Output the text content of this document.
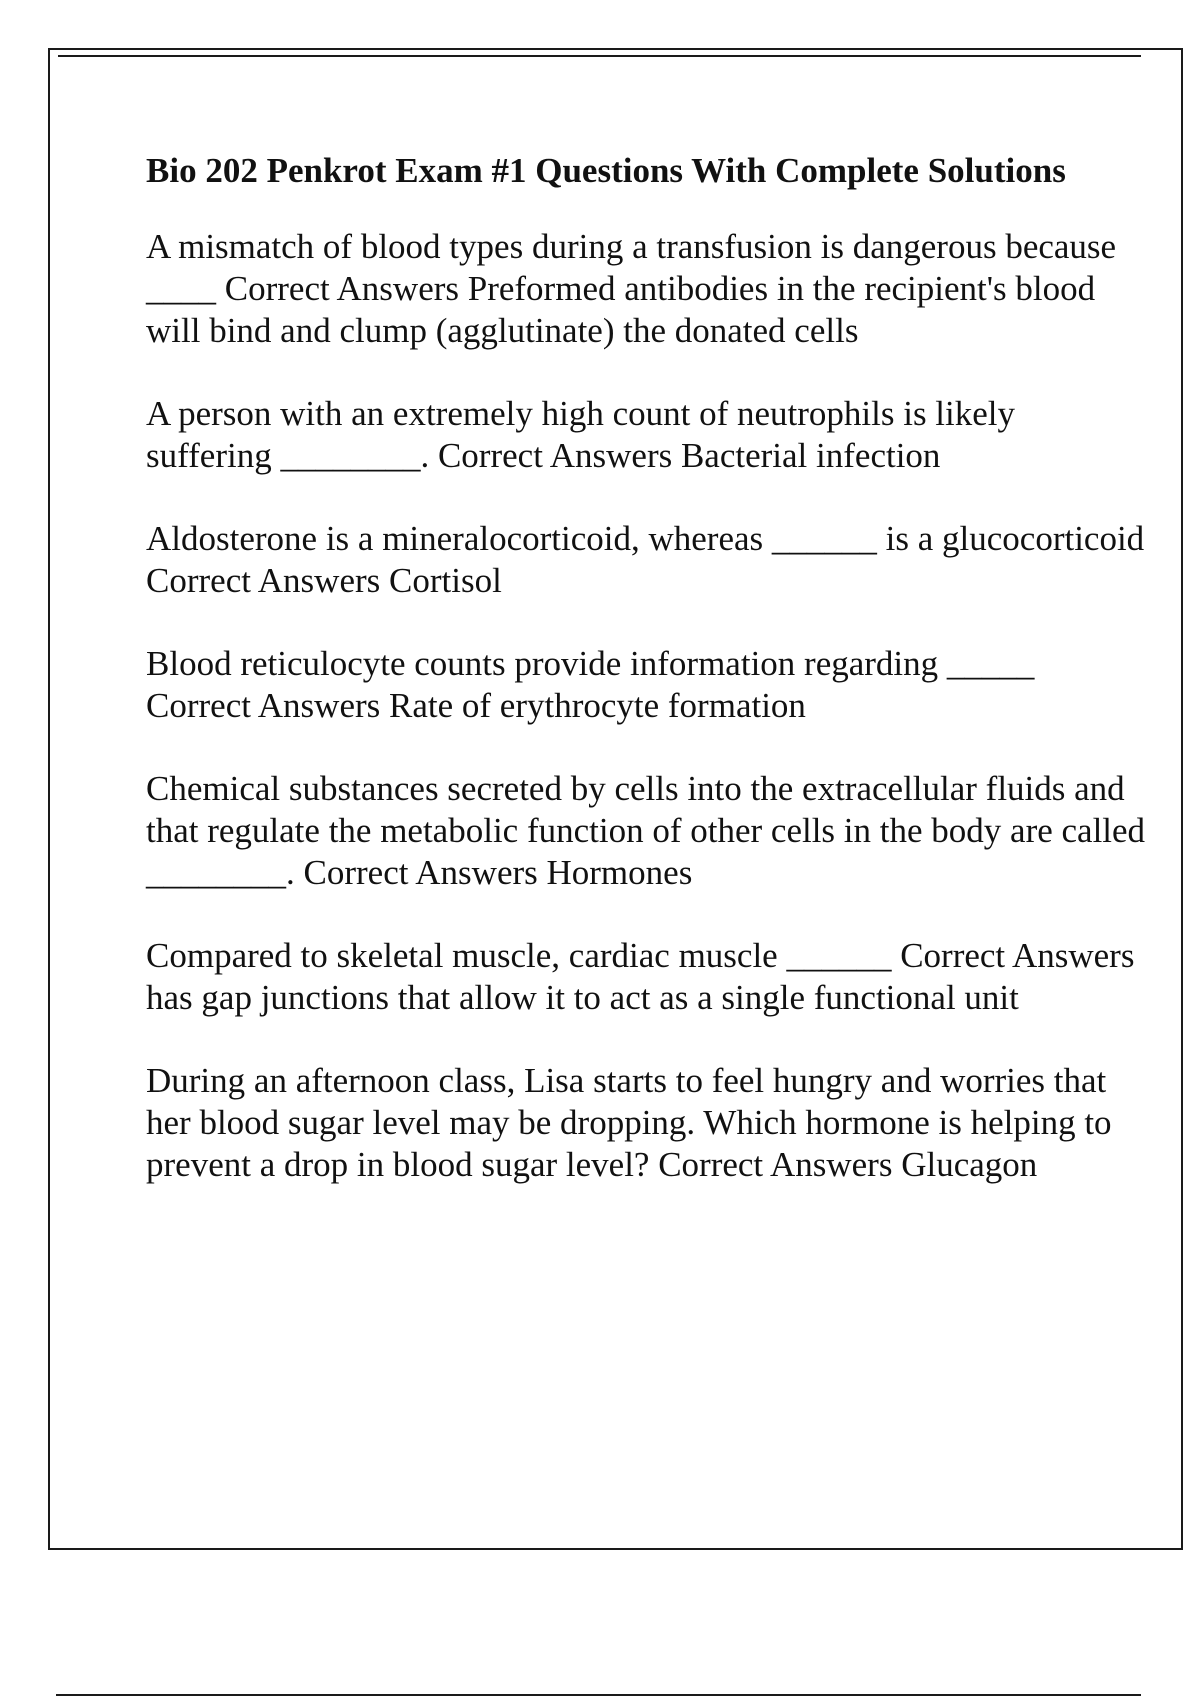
Bio 202 Penkrot Exam #1 Questions With Complete Solutions

A mismatch of blood types during a transfusion is dangerous because ____ Correct Answers Preformed antibodies in the recipient's blood will bind and clump (agglutinate) the donated cells

A person with an extremely high count of neutrophils is likely suffering ________. Correct Answers Bacterial infection

Aldosterone is a mineralocorticoid, whereas ______ is a glucocorticoid Correct Answers Cortisol

Blood reticulocyte counts provide information regarding _____ Correct Answers Rate of erythrocyte formation

Chemical substances secreted by cells into the extracellular fluids and that regulate the metabolic function of other cells in the body are called ________. Correct Answers Hormones

Compared to skeletal muscle, cardiac muscle ______ Correct Answers has gap junctions that allow it to act as a single functional unit

During an afternoon class, Lisa starts to feel hungry and worries that her blood sugar level may be dropping. Which hormone is helping to prevent a drop in blood sugar level? Correct Answers Glucagon
